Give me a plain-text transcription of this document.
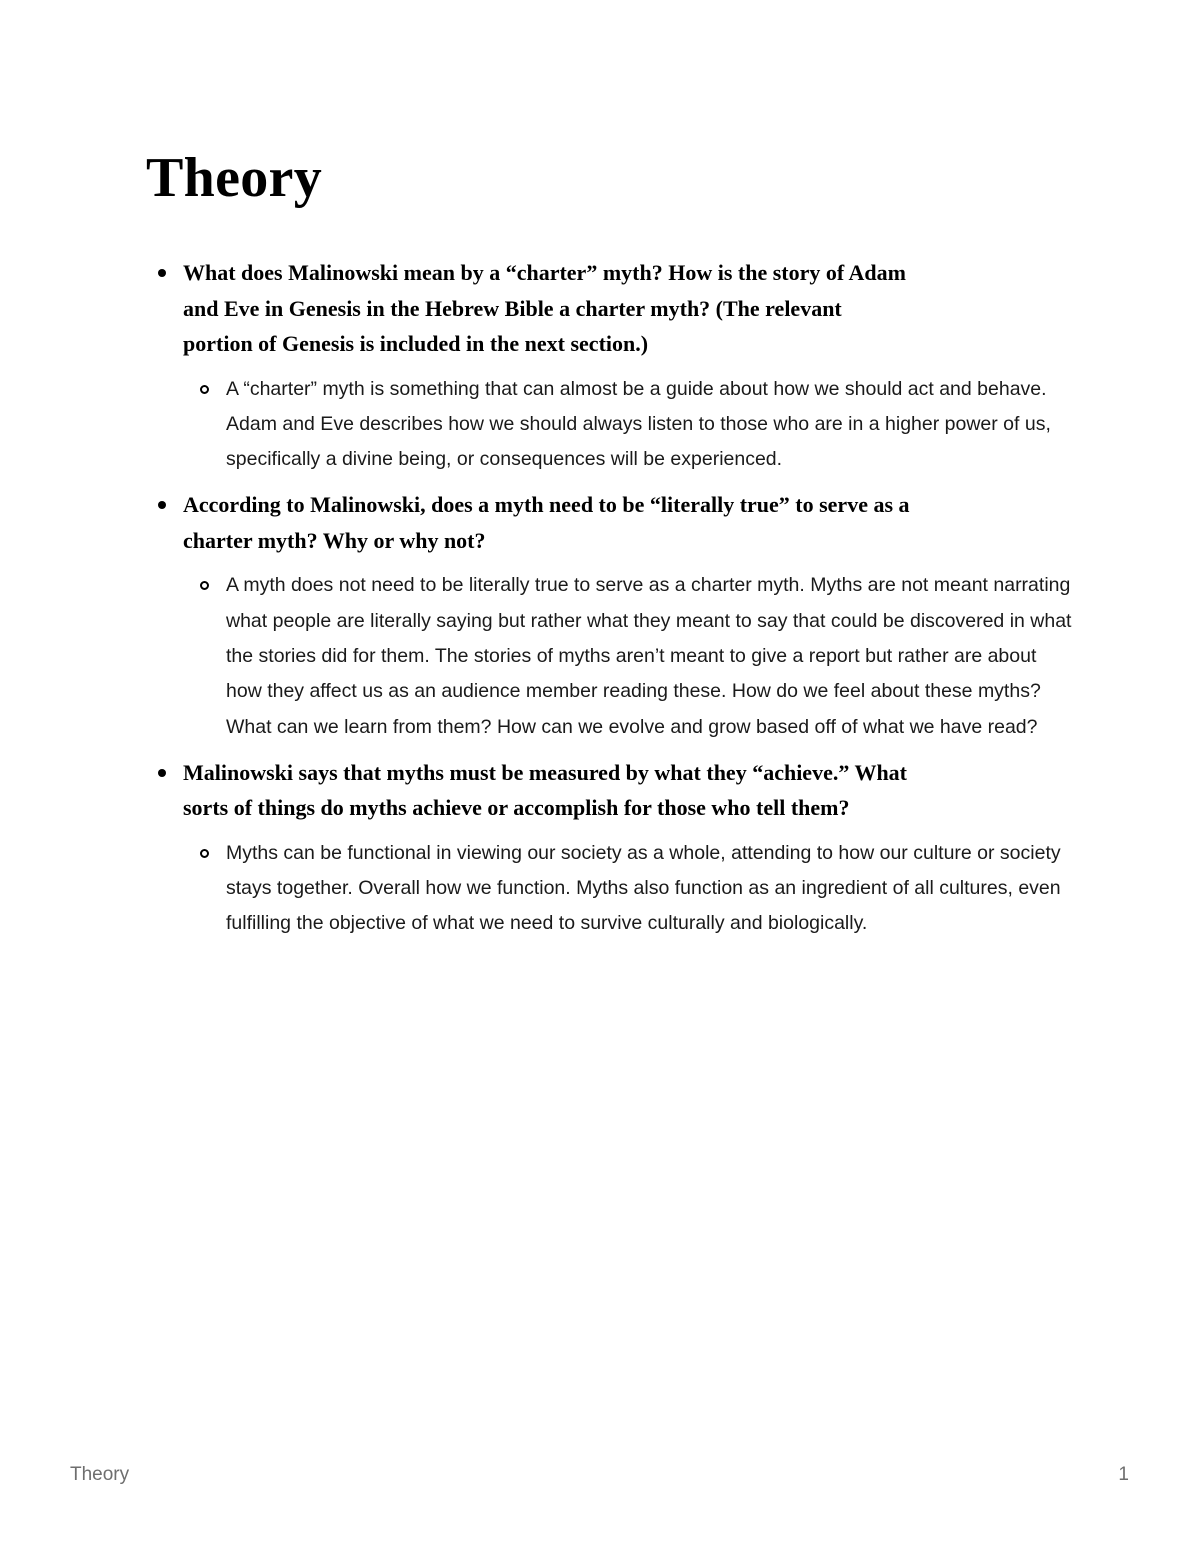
Theory
What does Malinowski mean by a “charter” myth? How is the story of Adam and Eve in Genesis in the Hebrew Bible a charter myth? (The relevant portion of Genesis is included in the next section.)
A “charter” myth is something that can almost be a guide about how we should act and behave. Adam and Eve describes how we should always listen to those who are in a higher power of us, specifically a divine being, or consequences will be experienced.
According to Malinowski, does a myth need to be “literally true” to serve as a charter myth? Why or why not?
A myth does not need to be literally true to serve as a charter myth. Myths are not meant narrating what people are literally saying but rather what they meant to say that could be discovered in what the stories did for them. The stories of myths aren’t meant to give a report but rather are about how they affect us as an audience member reading these. How do we feel about these myths? What can we learn from them? How can we evolve and grow based off of what we have read?
Malinowski says that myths must be measured by what they “achieve.” What sorts of things do myths achieve or accomplish for those who tell them?
Myths can be functional in viewing our society as a whole, attending to how our culture or society stays together. Overall how we function. Myths also function as an ingredient of all cultures, even fulfilling the objective of what we need to survive culturally and biologically.
Theory	1
